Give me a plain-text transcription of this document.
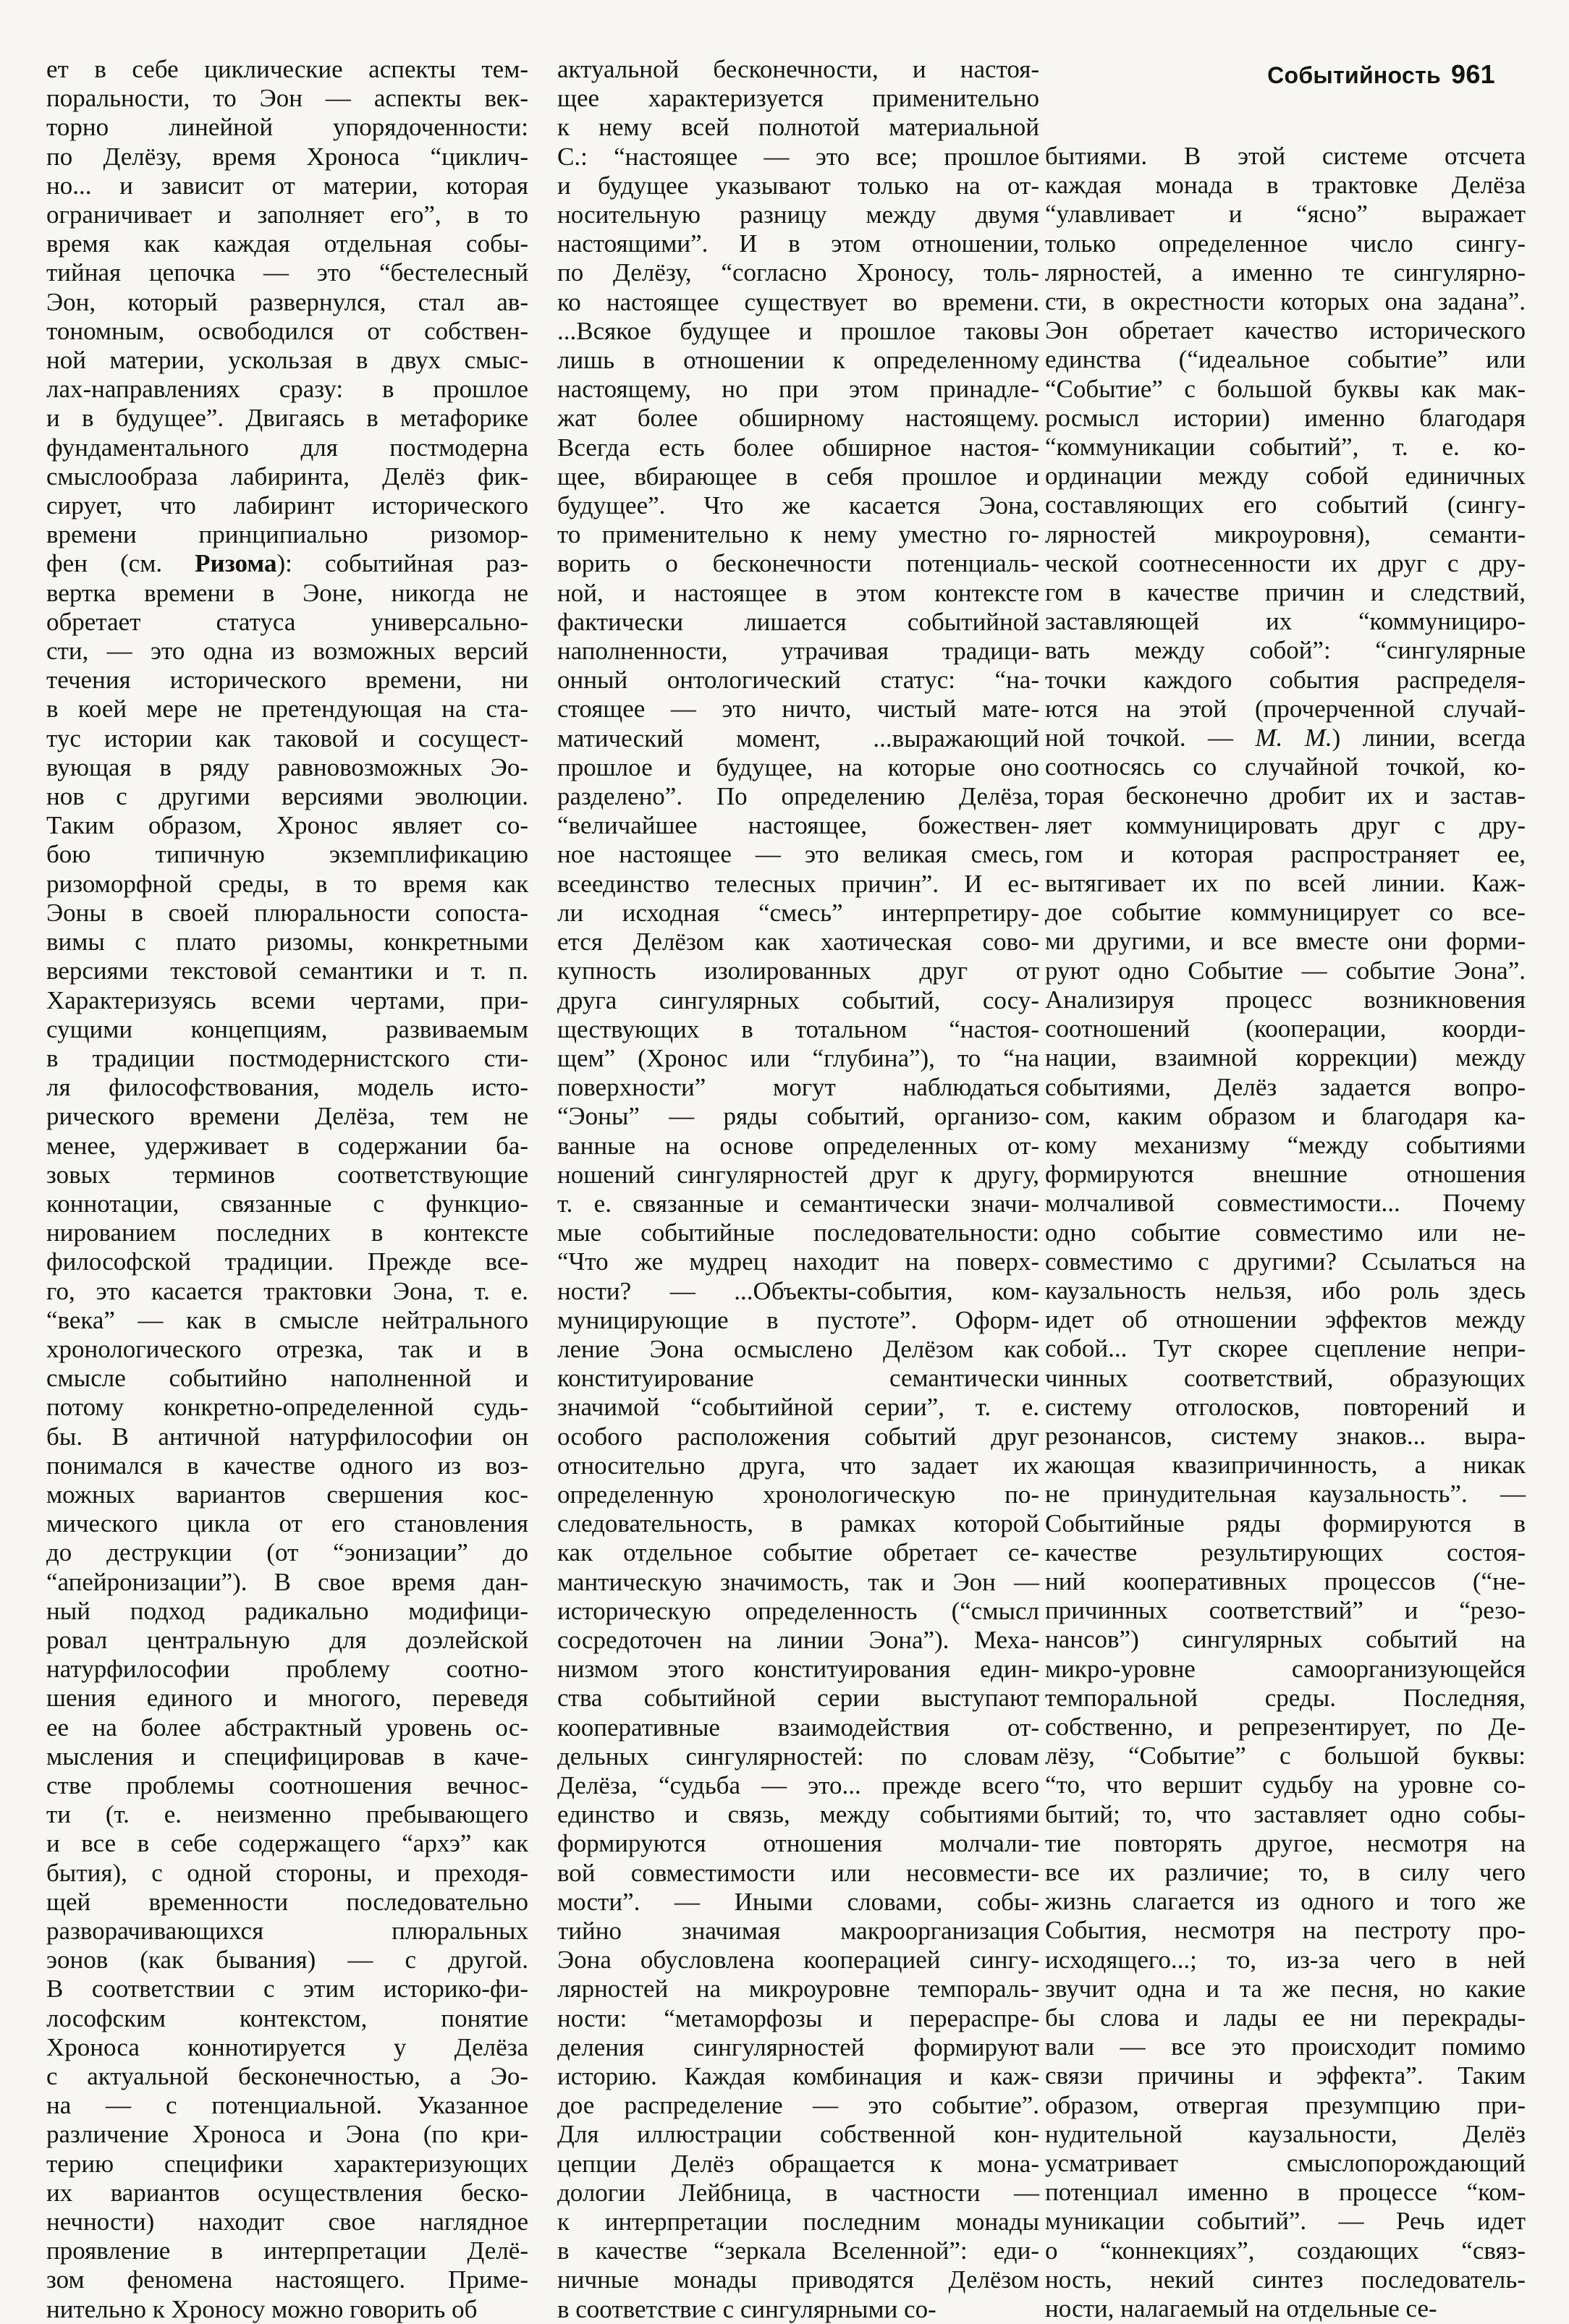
Событийность 961
ет в себе циклические аспекты тем-
поральности, то Эон — аспекты век-
торно линейной упорядоченности:
по Делёзу, время Хроноса “циклич-
но... и зависит от материи, которая
ограничивает и заполняет его”, в то
время как каждая отдельная собы-
тийная цепочка — это “бестелесный
Эон, который развернулся, стал ав-
тономным, освободился от собствен-
ной материи, ускользая в двух смыс-
лах-направлениях сразу: в прошлое
и в будущее”. Двигаясь в метафорике
фундаментального для постмодерна
смыслообраза лабиринта, Делёз фик-
сирует, что лабиринт исторического
времени принципиально ризомор-
фен (см. Ризома): событийная раз-
вертка времени в Эоне, никогда не
обретает статуса универсально-
сти, — это одна из возможных версий
течения исторического времени, ни
в коей мере не претендующая на ста-
тус истории как таковой и сосущест-
вующая в ряду равновозможных Эо-
нов с другими версиями эволюции.
Таким образом, Хронос являет со-
бою типичную экземплификацию
ризоморфной среды, в то время как
Эоны в своей плюральности сопоста-
вимы с плато ризомы, конкретными
версиями текстовой семантики и т. п.
Характеризуясь всеми чертами, при-
сущими концепциям, развиваемым
в традиции постмодернистского сти-
ля философствования, модель исто-
рического времени Делёза, тем не
менее, удерживает в содержании ба-
зовых терминов соответствующие
коннотации, связанные с функцио-
нированием последних в контексте
философской традиции. Прежде все-
го, это касается трактовки Эона, т. е.
“века” — как в смысле нейтрального
хронологического отрезка, так и в
смысле событийно наполненной и
потому конкретно-определенной судь-
бы. В античной натурфилософии он
понимался в качестве одного из воз-
можных вариантов свершения кос-
мического цикла от его становления
до деструкции (от “эонизации” до
“апейронизации”). В свое время дан-
ный подход радикально модифици-
ровал центральную для доэлейской
натурфилософии проблему соотно-
шения единого и многого, переведя
ее на более абстрактный уровень ос-
мысления и специфицировав в каче-
стве проблемы соотношения вечнос-
ти (т. е. неизменно пребывающего
и все в себе содержащего “архэ” как
бытия), с одной стороны, и преходя-
щей временности последовательно
разворачивающихся плюральных
эонов (как бывания) — с другой.
В соответствии с этим историко-фи-
лософским контекстом, понятие
Хроноса коннотируется у Делёза
с актуальной бесконечностью, а Эо-
на — с потенциальной. Указанное
различение Хроноса и Эона (по кри-
терию специфики характеризующих
их вариантов осуществления беско-
нечности) находит свое наглядное
проявление в интерпретации Делё-
зом феномена настоящего. Приме-
нительно к Хроносу можно говорить об
актуальной бесконечности, и настоя-
щее характеризуется применительно
к нему всей полнотой материальной
С.: “настоящее — это все; прошлое
и будущее указывают только на от-
носительную разницу между двумя
настоящими”. И в этом отношении,
по Делёзу, “согласно Хроносу, толь-
ко настоящее существует во времени.
...Всякое будущее и прошлое таковы
лишь в отношении к определенному
настоящему, но при этом принадле-
жат более обширному настоящему.
Всегда есть более обширное настоя-
щее, вбирающее в себя прошлое и
будущее”. Что же касается Эона,
то применительно к нему уместно го-
ворить о бесконечности потенциаль-
ной, и настоящее в этом контексте
фактически лишается событийной
наполненности, утрачивая традици-
онный онтологический статус: “на-
стоящее — это ничто, чистый мате-
матический момент, ...выражающий
прошлое и будущее, на которые оно
разделено”. По определению Делёза,
“величайшее настоящее, божествен-
ное настоящее — это великая смесь,
всеединство телесных причин”. И ес-
ли исходная “смесь” интерпретиру-
ется Делёзом как хаотическая сово-
купность изолированных друг от
друга сингулярных событий, сосу-
ществующих в тотальном “настоя-
щем” (Хронос или “глубина”), то “на
поверхности” могут наблюдаться
“Эоны” — ряды событий, организо-
ванные на основе определенных от-
ношений сингулярностей друг к другу,
т. е. связанные и семантически значи-
мые событийные последовательности:
“Что же мудрец находит на поверх-
ности? — ...Объекты-события, ком-
муницирующие в пустоте”. Оформ-
ление Эона осмыслено Делёзом как
конституирование семантически
значимой “событийной серии”, т. е.
особого расположения событий друг
относительно друга, что задает их
определенную хронологическую по-
следовательность, в рамках которой
как отдельное событие обретает се-
мантическую значимость, так и Эон —
историческую определенность (“смысл
сосредоточен на линии Эона”). Меха-
низмом этого конституирования един-
ства событийной серии выступают
кооперативные взаимодействия от-
дельных сингулярностей: по словам
Делёза, “судьба — это... прежде всего
единство и связь, между событиями
формируются отношения молчали-
вой совместимости или несовмести-
мости”. — Иными словами, собы-
тийно значимая макроорганизация
Эона обусловлена кооперацией сингу-
лярностей на микроуровне темпораль-
ности: “метаморфозы и перераспре-
деления сингулярностей формируют
историю. Каждая комбинация и каж-
дое распределение — это событие”.
Для иллюстрации собственной кон-
цепции Делёз обращается к мона-
дологии Лейбница, в частности —
к интерпретации последним монады
в качестве “зеркала Вселенной”: еди-
ничные монады приводятся Делёзом
в соответствие с сингулярными со-
бытиями. В этой системе отсчета
каждая монада в трактовке Делёза
“улавливает и “ясно” выражает
только определенное число сингу-
лярностей, а именно те сингулярно-
сти, в окрестности которых она задана”.
Эон обретает качество исторического
единства (“идеальное событие” или
“Событие” с большой буквы как мак-
росмысл истории) именно благодаря
“коммуникации событий”, т. е. ко-
ординации между собой единичных
составляющих его событий (сингу-
лярностей микроуровня), семанти-
ческой соотнесенности их друг с дру-
гом в качестве причин и следствий,
заставляющей их “коммуницирo-
вать между собой”: “сингулярные
точки каждого события распределя-
ются на этой (прочерченной случай-
ной точкой. — М. М.) линии, всегда
соотносясь со случайной точкой, ко-
торая бесконечно дробит их и застав-
ляет коммуницировать друг с дру-
гом и которая распространяет ее,
вытягивает их по всей линии. Каж-
дое событие коммуницирует со все-
ми другими, и все вместе они форми-
руют одно Событие — событие Эона”.
Анализируя процесс возникновения
соотношений (кооперации, коорди-
нации, взаимной коррекции) между
событиями, Делёз задается вопро-
сом, каким образом и благодаря ка-
кому механизму “между событиями
формируются внешние отношения
молчаливой совместимости... Почему
одно событие совместимо или не-
совместимо с другими? Ссылаться на
каузальность нельзя, ибо роль здесь
идет об отношении эффектов между
собой... Тут скорее сцепление непри-
чинных соответствий, образующих
систему отголосков, повторений и
резонансов, систему знаков... выра-
жающая квазипричинность, а никак
не принудительная каузальность”. —
Событийные ряды формируются в
качестве результирующих состоя-
ний кооперативных процессов (“не-
причинных соответствий” и “резо-
нансов”) сингулярных событий на
микро-уровне самоорганизующейся
темпоральной среды. Последняя,
собственно, и репрезентирует, по Де-
лёзу, “Событие” с большой буквы:
“то, что вершит судьбу на уровне со-
бытий; то, что заставляет одно собы-
тие повторять другое, несмотря на
все их различие; то, в силу чего
жизнь слагается из одного и того же
События, несмотря на пестроту про-
исходящего...; то, из-за чего в ней
звучит одна и та же песня, но какие
бы слова и лады ее ни перекрады-
вали — все это происходит помимо
связи причины и эффекта”. Таким
образом, отвергая презумпцию при-
нудительной каузальности, Делёз
усматривает смыслопорождающий
потенциал именно в процессе “ком-
муникации событий”. — Речь идет
о “коннекциях”, создающих “связ-
ность, некий синтез последователь-
ности, налагаемый на отдельные се-
